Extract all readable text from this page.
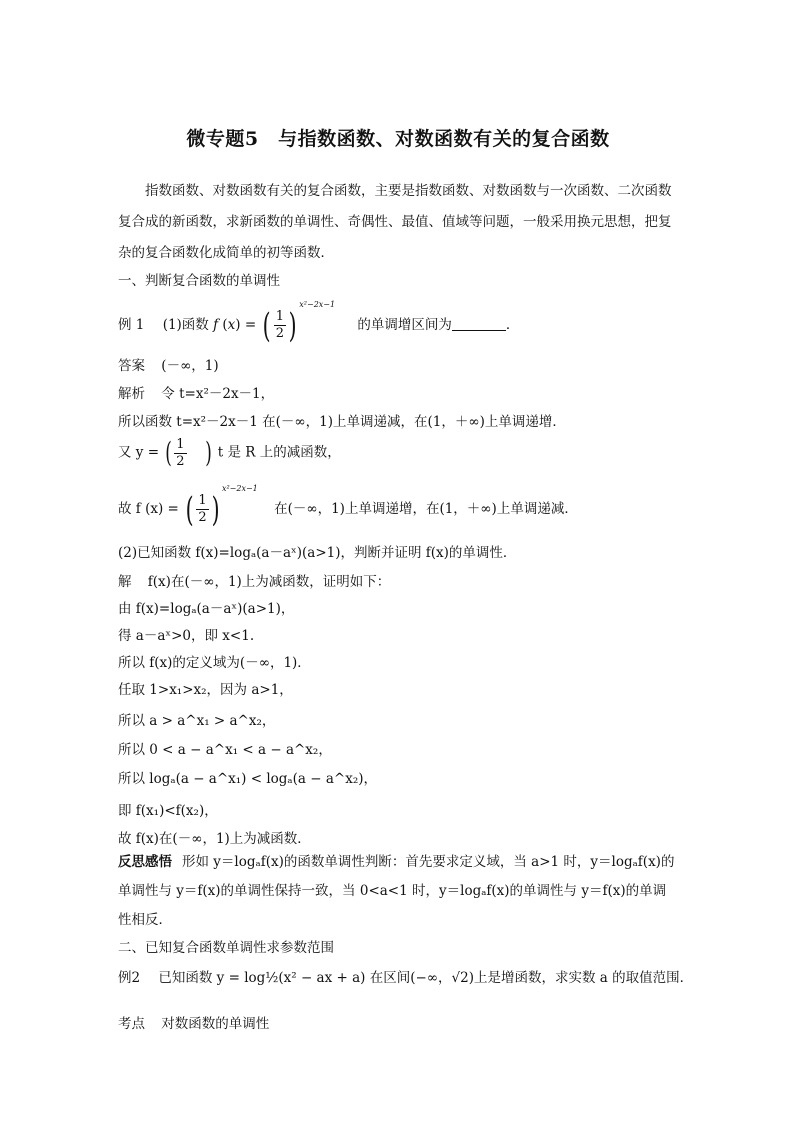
微专题5　与指数函数、对数函数有关的复合函数
指数函数、对数函数有关的复合函数，主要是指数函数、对数函数与一次函数、二次函数复合成的新函数，求新函数的单调性、奇偶性、最值、值域等问题，一般采用换元思想，把复杂的复合函数化成简单的初等函数．
一、判断复合函数的单调性
例 1 (1)函数 f (x) = ( $\frac{1}{2} )^{x^2-2x-1}$ 的单调增区间为	．
答案 (－∞，1)
解析 令 t=x²－2x－1，
所以函数 t=x²－2x－1 在(－∞，1)上单调递减，在(1，＋∞)上单调递增．
又 y = ( $\frac{1}{2}$ ) t 是 R 上的减函数，
故 f (x) = ( $\frac{1}{2} )^{x^2-2x-1}$ 在(－∞，1)上单调递增，在(1，＋∞)上单调递减．
(2)已知函数 f(x)=logₐ(a－aˣ)(a>1)，判断并证明 f(x)的单调性．
解 f(x)在(－∞，1)上为减函数，证明如下：
由 f(x)=logₐ(a－aˣ)(a>1)，
得 a－aˣ>0，即 x<1.
所以 f(x)的定义域为(－∞，1)．
任取 1>x₁>x₂，因为 a>1，
所以 a > a^x₁ > a^x₂，
所以 0 < a − a^x₁ < a − a^x₂，
所以 logₐ(a − a^x₁) < logₐ(a − a^x₂)，
即 f(x₁)<f(x₂)，
故 f(x)在(－∞，1)上为减函数．
反思感悟 形如 y＝logₐf(x)的函数单调性判断：首先要求定义域，当 a>1 时，y＝logₐf(x)的单调性与 y＝f(x)的单调性保持一致，当 0<a<1 时，y＝logₐf(x)的单调性与 y＝f(x)的单调性相反．
二、已知复合函数单调性求参数范围
例2 已知函数 y = log½(x² − ax + a) 在区间(−∞，√2)上是增函数，求实数 a 的取值范围．
考点 对数函数的单调性
